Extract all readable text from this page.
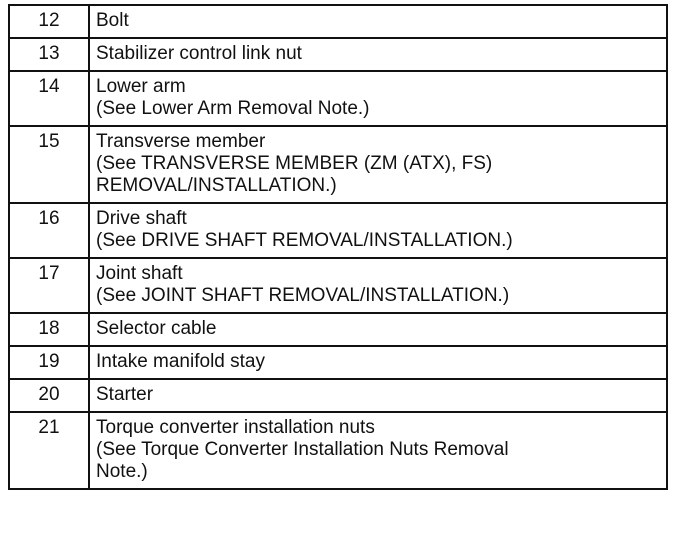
12	Bolt

13	Stabilizer control link nut

14	Lower arm
(See Lower Arm Removal Note.)

15	Transverse member
(See TRANSVERSE MEMBER (ZM (ATX), FS)
REMOVAL/INSTALLATION.)

16	Drive shaft
(See DRIVE SHAFT REMOVAL/INSTALLATION.)

17	Joint shaft
(See JOINT SHAFT REMOVAL/INSTALLATION.)

18	Selector cable

19	Intake manifold stay

20	Starter

21	Torque converter installation nuts
(See Torque Converter Installation Nuts Removal
Note.)
